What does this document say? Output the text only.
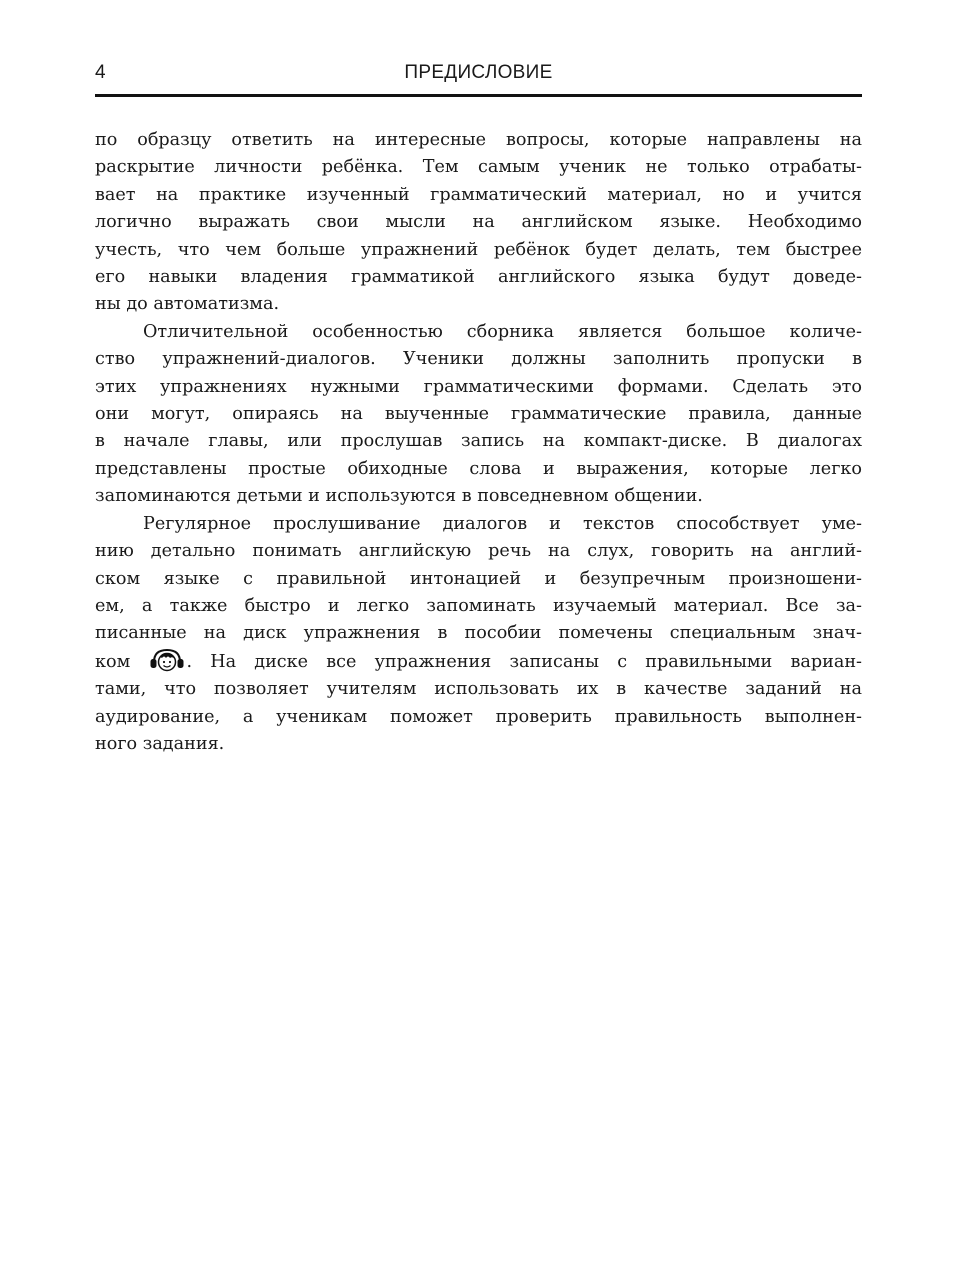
4	ПРЕДИСЛОВИЕ
по образцу ответить на интересные вопросы, которые направлены на
раскрытие личности ребёнка. Тем самым ученик не только отрабаты-
вает на практике изученный грамматический материал, но и учится
логично выражать свои мысли на английском языке. Необходимо
учесть, что чем больше упражнений ребёнок будет делать, тем быстрее
его навыки владения грамматикой английского языка будут доведе-
ны до автоматизма.
Отличительной особенностью сборника является большое количе-
ство упражнений-диалогов. Ученики должны заполнить пропуски в
этих упражнениях нужными грамматическими формами. Сделать это
они могут, опираясь на выученные грамматические правила, данные
в начале главы, или прослушав запись на компакт-диске. В диалогах
представлены простые обиходные слова и выражения, которые легко
запоминаются детьми и используются в повседневном общении.
Регулярное прослушивание диалогов и текстов способствует уме-
нию детально понимать английскую речь на слух, говорить на англий-
ском языке с правильной интонацией и безупречным произношени-
ем, а также быстро и легко запоминать изучаемый материал. Все за-
писанные на диск упражнения в пособии помечены специальным знач-
ком . На диске все упражнения записаны с правильными вариан-
тами, что позволяет учителям использовать их в качестве заданий на
аудирование, а ученикам поможет проверить правильность выполнен-
ного задания.
